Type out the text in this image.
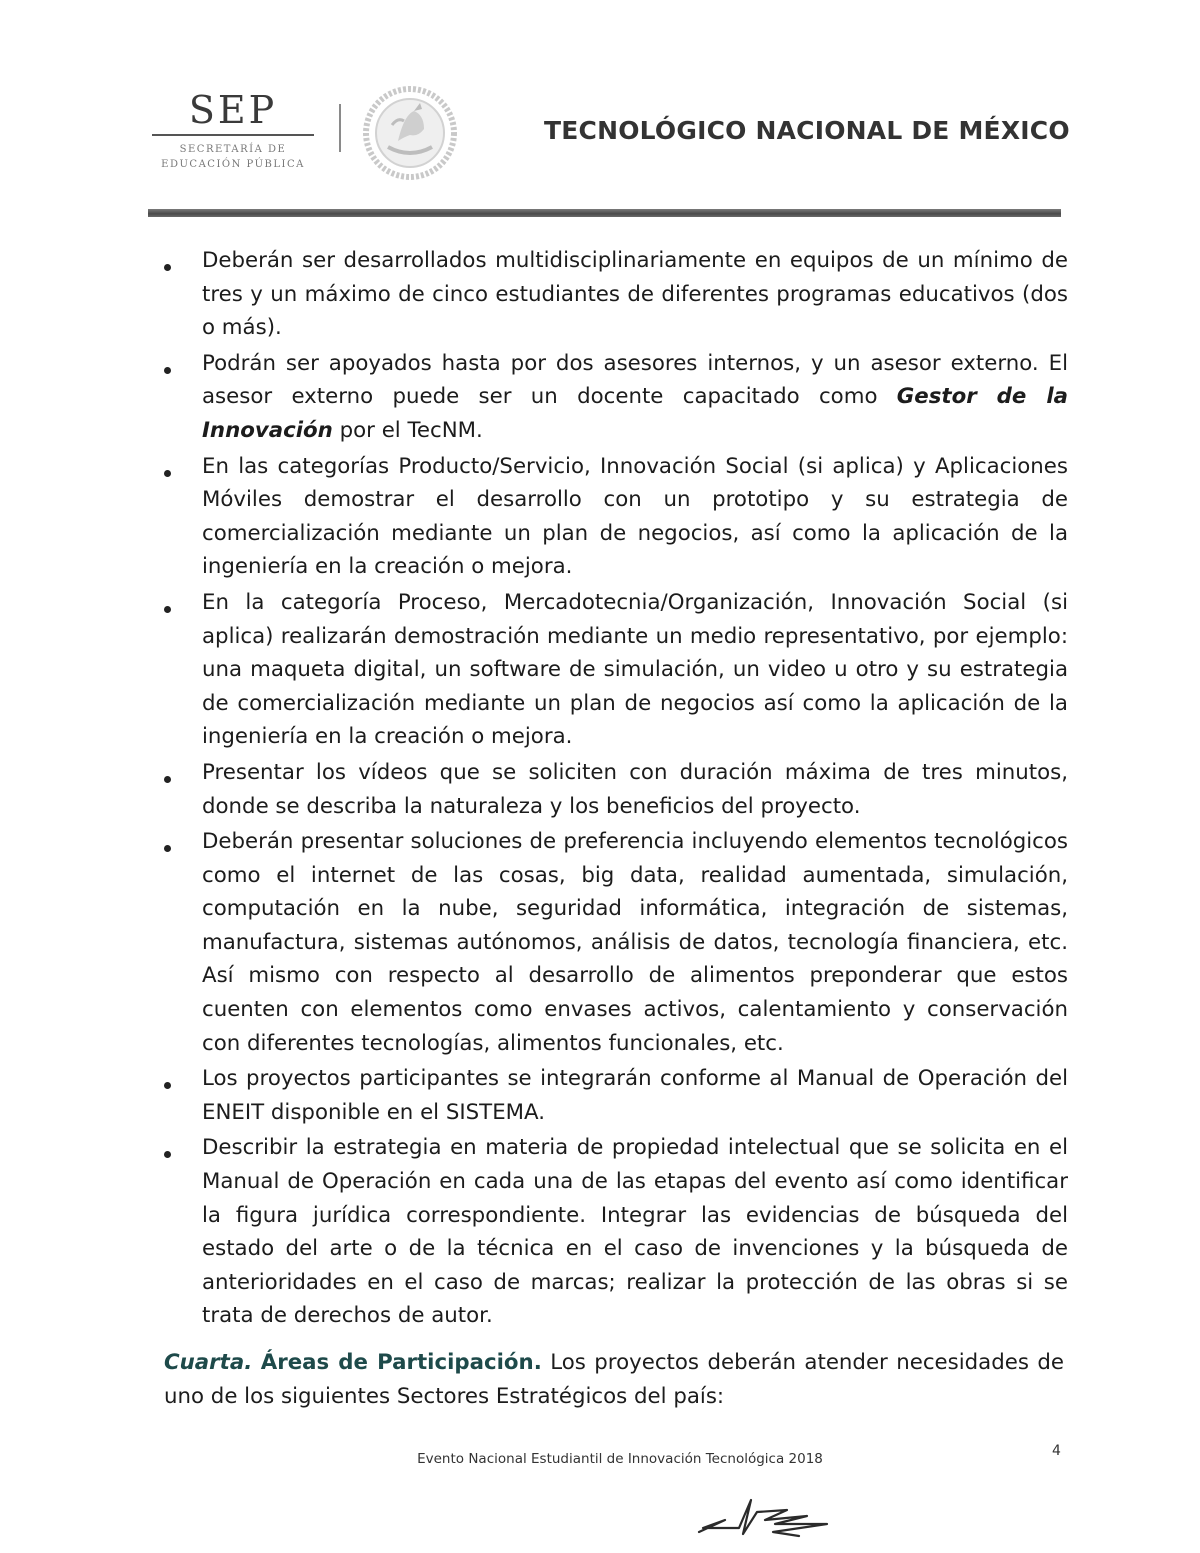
SEP
SECRETARÍA DE
EDUCACIÓN PÚBLICA
TECNOLÓGICO NACIONAL DE MÉXICO
Deberán ser desarrollados multidisciplinariamente en equipos de un mínimo de tres y un máximo de cinco estudiantes de diferentes programas educativos (dos o más).
Podrán ser apoyados hasta por dos asesores internos, y un asesor externo. El asesor externo puede ser un docente capacitado como Gestor de la Innovación por el TecNM.
En las categorías Producto/Servicio, Innovación Social (si aplica) y Aplicaciones Móviles demostrar el desarrollo con un prototipo y su estrategia de comercialización mediante un plan de negocios, así como la aplicación de la ingeniería en la creación o mejora.
En la categoría Proceso, Mercadotecnia/Organización, Innovación Social (si aplica) realizarán demostración mediante un medio representativo, por ejemplo: una maqueta digital, un software de simulación, un video u otro y su estrategia de comercialización mediante un plan de negocios así como la aplicación de la ingeniería en la creación o mejora.
Presentar los vídeos que se soliciten con duración máxima de tres minutos, donde se describa la naturaleza y los beneficios del proyecto.
Deberán presentar soluciones de preferencia incluyendo elementos tecnológicos como el internet de las cosas, big data, realidad aumentada, simulación, computación en la nube, seguridad informática, integración de sistemas, manufactura, sistemas autónomos, análisis de datos, tecnología financiera, etc. Así mismo con respecto al desarrollo de alimentos preponderar que estos cuenten con elementos como envases activos, calentamiento y conservación con diferentes tecnologías, alimentos funcionales, etc.
Los proyectos participantes se integrarán conforme al Manual de Operación del ENEIT disponible en el SISTEMA.
Describir la estrategia en materia de propiedad intelectual que se solicita en el Manual de Operación en cada una de las etapas del evento así como identificar la figura jurídica correspondiente. Integrar las evidencias de búsqueda del estado del arte o de la técnica en el caso de invenciones y la búsqueda de anterioridades en el caso de marcas; realizar la protección de las obras si se trata de derechos de autor.

Cuarta. Áreas de Participación. Los proyectos deberán atender necesidades de uno de los siguientes Sectores Estratégicos del país:

Evento Nacional Estudiantil de Innovación Tecnológica 2018	4
